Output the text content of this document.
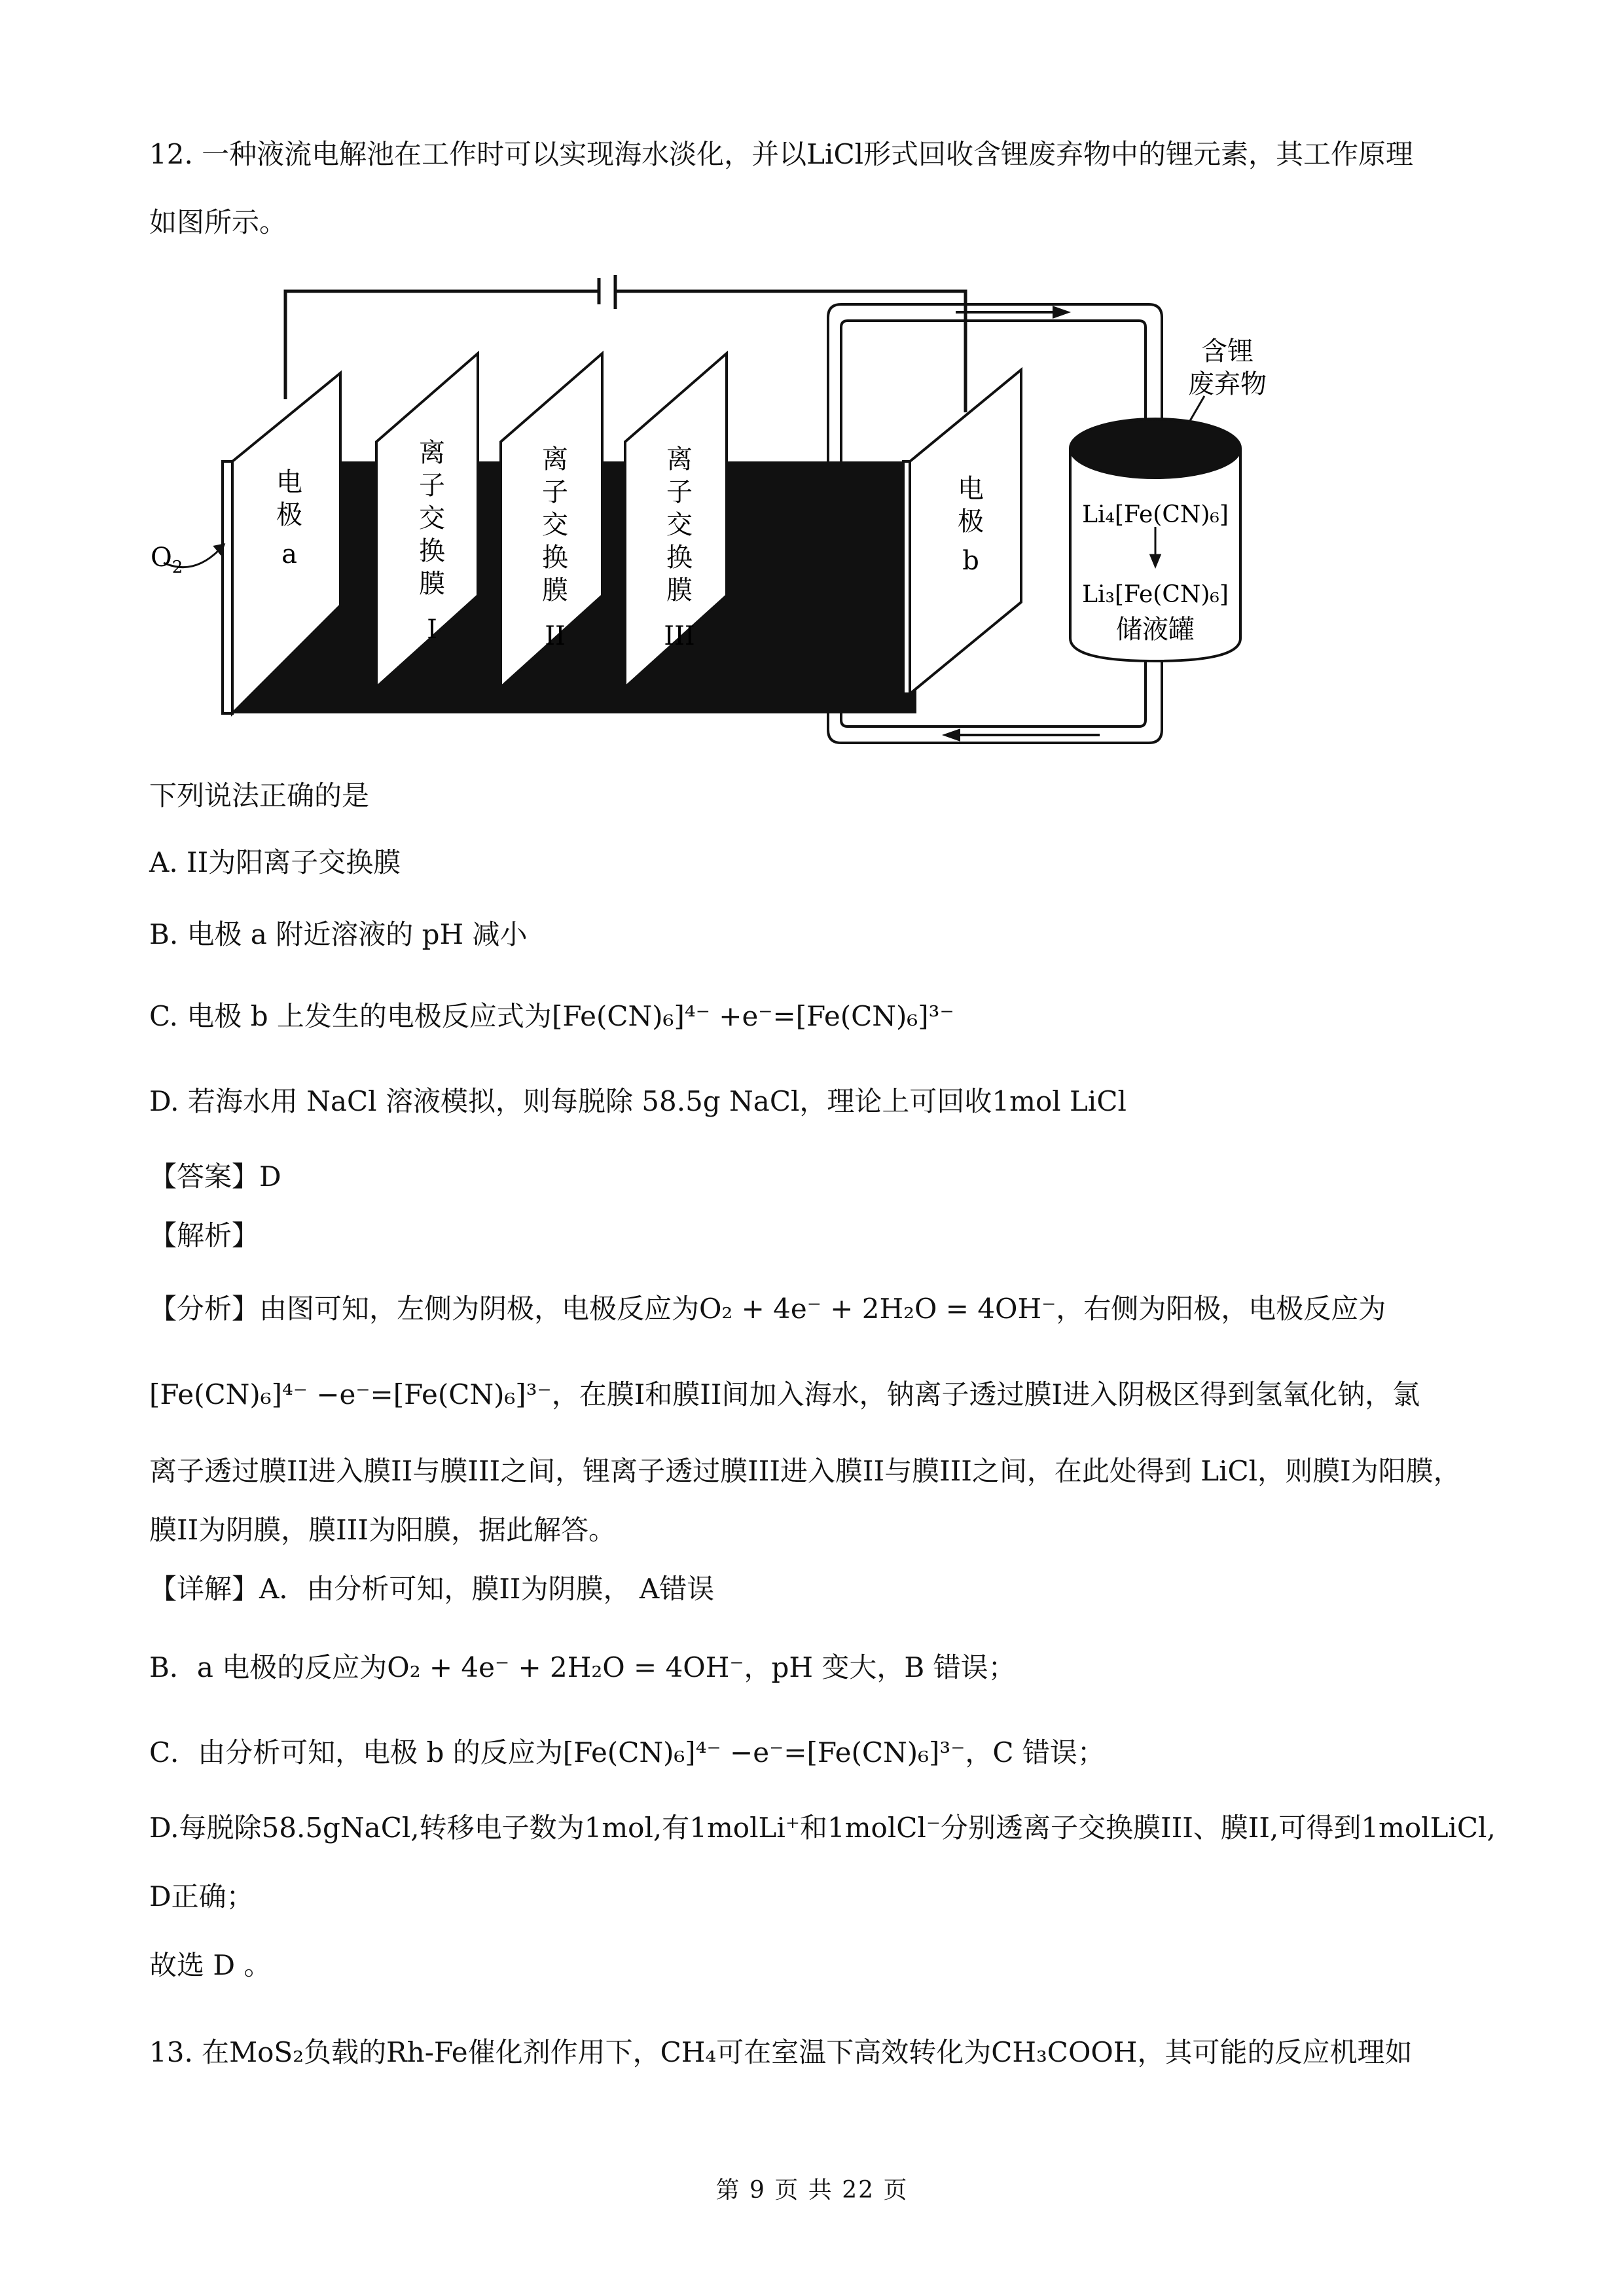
12. 一种液流电解池在工作时可以实现海水淡化，并以LiCl形式回收含锂废弃物中的锂元素，其工作原理
如图所示。
$O_2$
电
极
a
离
子
交
换
膜
I
离
子
交
换
膜
II
离
子
交
换
膜
III
电
极
b
含锂
废弃物
Li₄[Fe(CN)₆]
Li₃[Fe(CN)₆]
储液罐
下列说法正确的是
A. II为阳离子交换膜
B. 电极 a 附近溶液的 pH 减小
C. 电极 b 上发生的电极反应式为[Fe(CN)₆]⁴⁻ +e⁻=[Fe(CN)₆]³⁻
D. 若海水用 NaCl 溶液模拟，则每脱除 58.5g NaCl，理论上可回收1mol LiCl
【答案】D
【解析】
【分析】由图可知，左侧为阴极，电极反应为O₂ + 4e⁻ + 2H₂O = 4OH⁻，右侧为阳极，电极反应为
[Fe(CN)₆]⁴⁻ −e⁻=[Fe(CN)₆]³⁻，在膜I和膜II间加入海水，钠离子透过膜I进入阴极区得到氢氧化钠，氯
离子透过膜II进入膜II与膜III之间，锂离子透过膜III进入膜II与膜III之间，在此处得到 LiCl，则膜I为阳膜，
膜II为阴膜，膜III为阳膜，据此解答。
【详解】A．由分析可知，膜II为阴膜， A错误
B．a 电极的反应为O₂ + 4e⁻ + 2H₂O = 4OH⁻，pH 变大，B 错误；
C．由分析可知，电极 b 的反应为[Fe(CN)₆]⁴⁻ −e⁻=[Fe(CN)₆]³⁻，C 错误；
D.每脱除58.5gNaCl,转移电子数为1mol,有1molLi⁺和1molCl⁻分别透离子交换膜III、膜II,可得到1molLiCl,
D正确；
故选 D 。
13. 在MoS₂负载的Rh-Fe催化剂作用下，CH₄可在室温下高效转化为CH₃COOH，其可能的反应机理如
第 9 页 共 22 页
